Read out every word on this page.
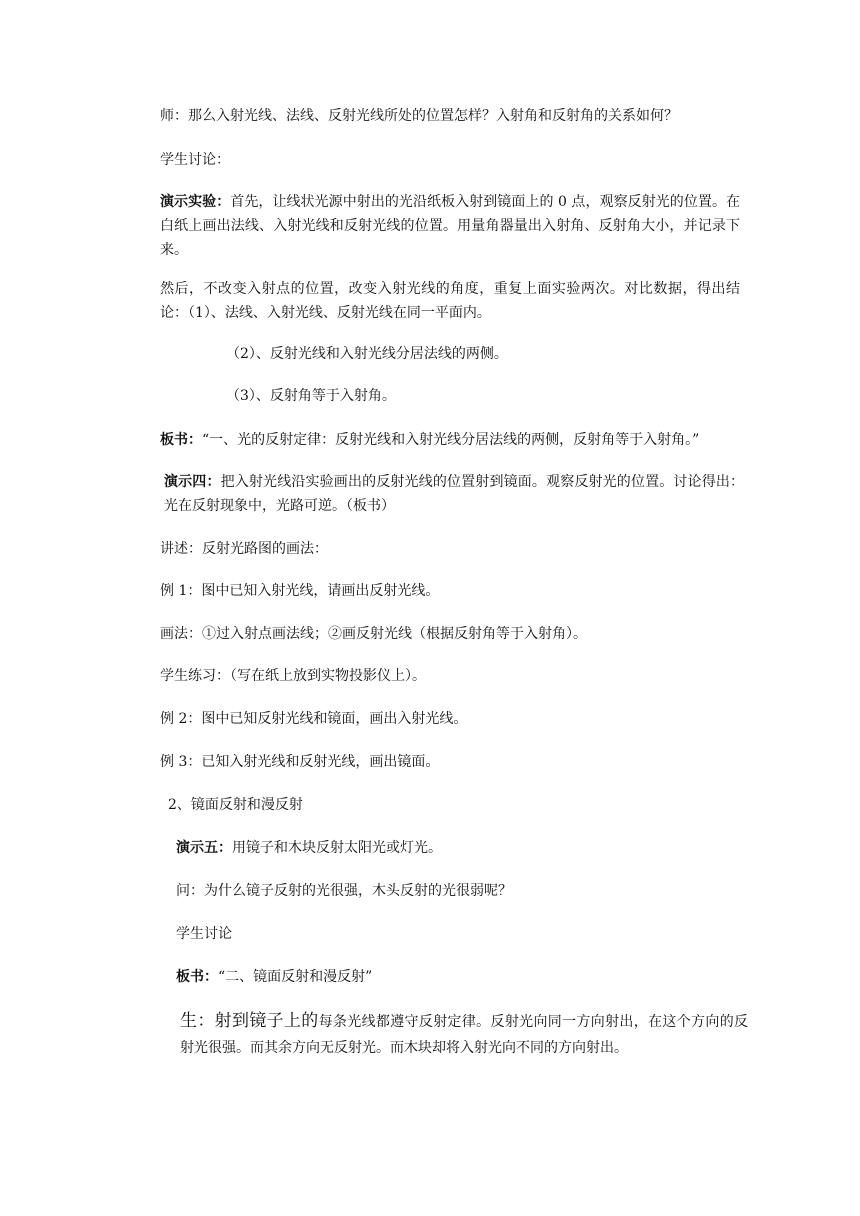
师：那么入射光线、法线、反射光线所处的位置怎样？入射角和反射角的关系如何？

学生讨论：

演示实验：首先，让线状光源中射出的光沿纸板入射到镜面上的 0 点，观察反射光的位置。在白纸上画出法线、入射光线和反射光线的位置。用量角器量出入射角、反射角大小，并记录下来。

然后，不改变入射点的位置，改变入射光线的角度，重复上面实验两次。对比数据，得出结论：（1）、法线、入射光线、反射光线在同一平面内。

（2）、反射光线和入射光线分居法线的两侧。

（3）、反射角等于入射角。

板书：“一、光的反射定律：反射光线和入射光线分居法线的两侧，反射角等于入射角。”

演示四：把入射光线沿实验画出的反射光线的位置射到镜面。观察反射光的位置。讨论得出：光在反射现象中，光路可逆。（板书）

讲述：反射光路图的画法：

例 1：图中已知入射光线，请画出反射光线。

画法：①过入射点画法线；②画反射光线（根据反射角等于入射角）。

学生练习：（写在纸上放到实物投影仪上）。

例 2：图中已知反射光线和镜面，画出入射光线。

例 3：已知入射光线和反射光线，画出镜面。

2、镜面反射和漫反射

演示五：用镜子和木块反射太阳光或灯光。

问：为什么镜子反射的光很强，木头反射的光很弱呢？

学生讨论

板书：“二、镜面反射和漫反射”

生：射到镜子上的每条光线都遵守反射定律。反射光向同一方向射出，在这个方向的反射光很强。而其余方向无反射光。而木块却将入射光向不同的方向射出。
